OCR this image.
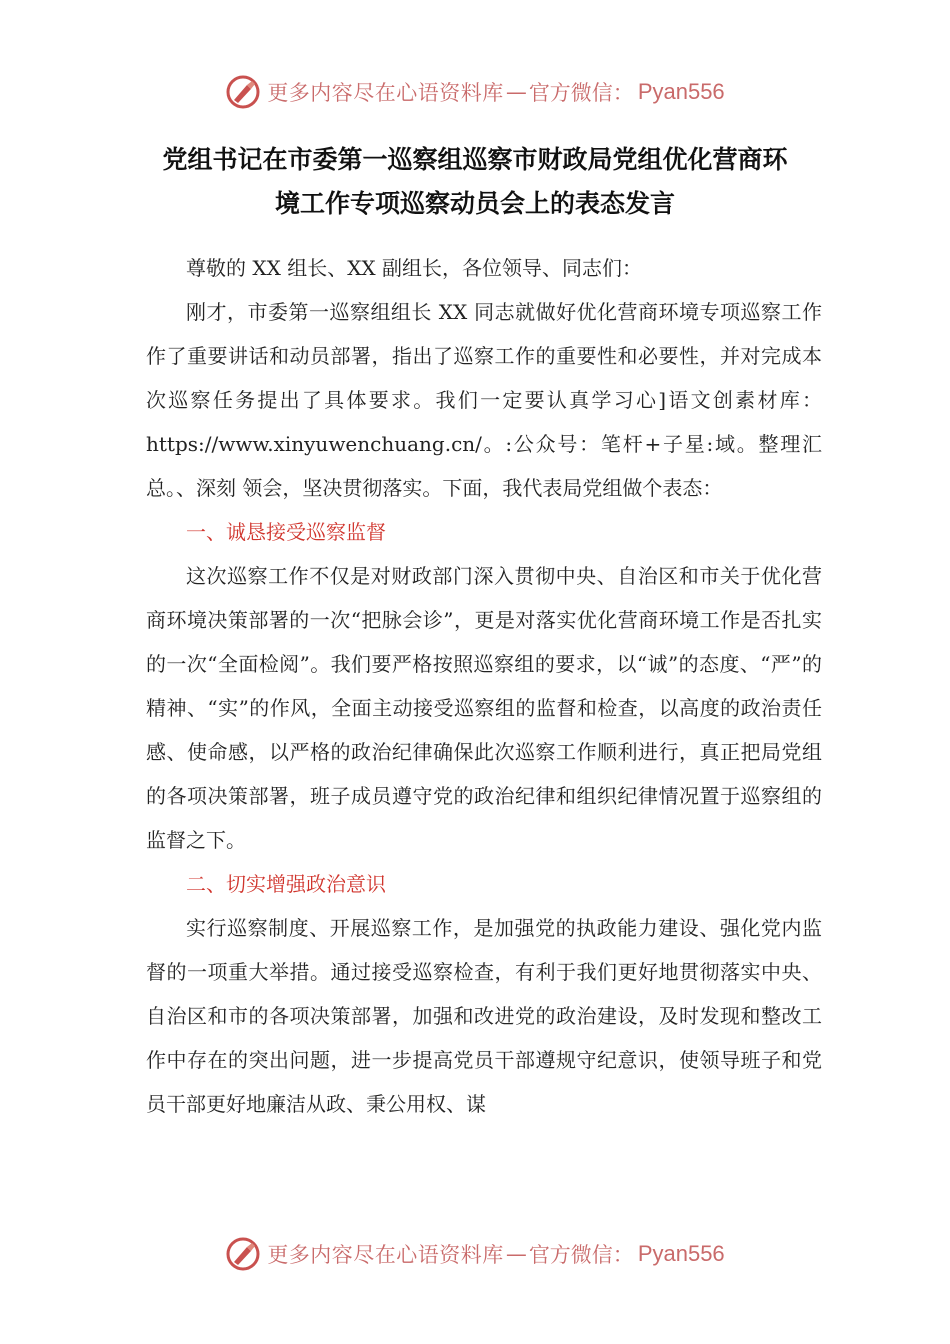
更多内容尽在心语资料库 — 官方微信： Pyan556
党组书记在市委第一巡察组巡察市财政局党组优化营商环
境工作专项巡察动员会上的表态发言

尊敬的 XX 组长、XX 副组长，各位领导、同志们：

刚才，市委第一巡察组组长 XX 同志就做好优化营商环境专项巡察工作作了重要讲话和动员部署，指出了巡察工作的重要性和必要性，并对完成本次巡察任务提出了具体要求。我们一定要认真学习心]语文创素材库：https://www.xinyuwenchuang.cn/。:公众号：笔杆+子星:域。整理汇总。、深刻 领会，坚决贯彻落实。下面，我代表局党组做个表态：

一、诚恳接受巡察监督

这次巡察工作不仅是对财政部门深入贯彻中央、自治区和市关于优化营商环境决策部署的一次“把脉会诊”，更是对落实优化营商环境工作是否扎实的一次“全面检阅”。我们要严格按照巡察组的要求，以“诚”的态度、“严”的精神、“实”的作风，全面主动接受巡察组的监督和检查，以高度的政治责任感、使命感，以严格的政治纪律确保此次巡察工作顺利进行，真正把局党组的各项决策部署，班子成员遵守党的政治纪律和组织纪律情况置于巡察组的监督之下。

二、切实增强政治意识

实行巡察制度、开展巡察工作，是加强党的执政能力建设、强化党内监督的一项重大举措。通过接受巡察检查，有利于我们更好地贯彻落实中央、自治区和市的各项决策部署，加强和改进党的政治建设，及时发现和整改工作中存在的突出问题，进一步提高党员干部遵规守纪意识，使领导班子和党员干部更好地廉洁从政、秉公用权、谋

更多内容尽在心语资料库 — 官方微信： Pyan556
